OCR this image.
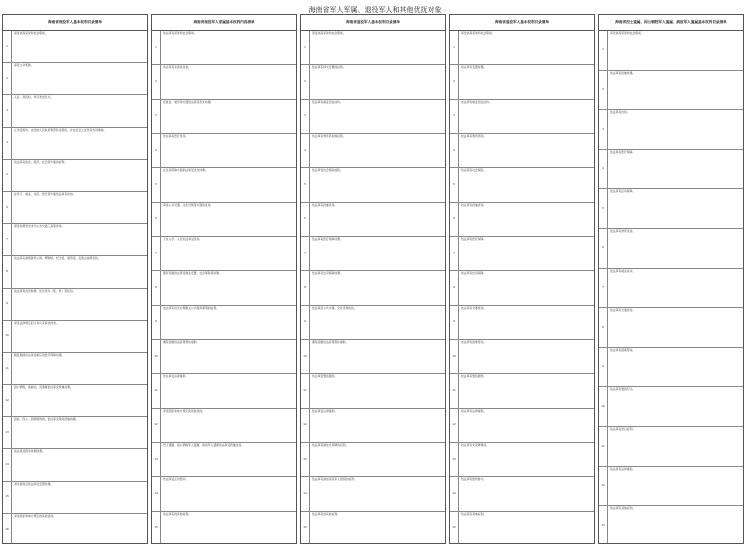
海南省军人军属、退役军人和其他优抚对象
海南省现役军人基本权利目录清单
1
享受崇高荣誉和社会尊崇。
2
享受立功奖励。
3
入伍、退役时，举行欢送仪式。
4
立功受奖时，由当地人民政府和部队送喜报，并在社会上宣传其先进事迹。
5
依法享有政治、经济、社会等方面的权利。
6
在学习、就业、住房、医疗等方面依法享有优待。
7
享受免费乘坐市内公共交通工具等优待。
8
依法享有参观游览公园、博物馆、纪念馆、展览馆、名胜古迹等优待。
9
依法享有优先购票、优先乘车（船、机）等优待。
10
享受法律规定的义务兵家庭优待金。
11
服役期间依法享受相应的医疗保障待遇。
12
因公牺牲、病故的，其遗属依法享受抚恤待遇。
13
因战、因公、因病致残的，依法享受残疾抚恤待遇。
14
依法享受探亲休假待遇。
15
退出现役后依法享受安置待遇。
16
享受国家和地方规定的其他优待。
海南省现役军人家属基本权利内容清单
1
依法享有荣誉和社会尊崇。
2
依法享有家庭优待金。
3
在就业、就学等方面依法享受优先待遇。
4
依法享有医疗优待。
5
在住房保障方面依法享受优先待遇。
6
享受公共交通、文化设施等方面的优待。
7
子女入学、入托依法享受优待。
8
随军家属依法享受就业安置、社会保险等待遇。
9
依法享有优先办理相关公共服务事项的权利。
10
遇有困难依法获得帮扶援助。
11
依法享受法律援助。
12
享受国家和地方规定的其他优待。
13
烈士遗属、因公牺牲军人遗属、病故军人遗属依法享受抚恤优待。
14
依法享受走访慰问。
15
依法享有的其他权利。
海南省退役军人基本权利目录清单
1
享受崇高荣誉和社会尊崇。
2
依法享有移交安置的权利。
3
依法享有就业创业扶持。
4
依法享有教育培训的权利。
5
依法享受社会保险接续。
6
依法享有抚恤优待。
7
依法享有医疗保障待遇。
8
依法享有住房保障待遇。
9
依法享受公共交通、文化设施优待。
10
遇有困难依法获得帮扶援助。
11
依法享受褒扬激励。
12
依法享受法律援助。
13
依法享有悬挂光荣牌的权利。
14
依法享有参加退役军人组织的权利。
15
依法享有的其他权利。
海南省退役军人基本权利目录清单
1
享受崇高荣誉和社会尊崇。
2
依法享有安置待遇。
3
依法享有就业创业扶持。
4
依法享有教育培训。
5
依法享有社会保险。
6
依法享有抚恤优待。
7
依法享有医疗保障。
8
依法享有住房保障。
9
依法享有交通优待。
10
依法享有困难帮扶。
11
依法享有褒扬激励。
12
依法享有法律援助。
13
依法享有光荣牌悬挂。
14
依法享有组织参与。
15
依法享有其他权利。
海南省烈士遗属、因公牺牲军人遗属、病故军人遗属基本权利目录清单
1
享受崇高荣誉和社会尊崇。
2
依法享有抚恤待遇。
3
依法享有优待。
4
依法享有医疗保障。
5
依法享有住房保障。
6
依法享有教育优待。
7
依法享有就业扶持。
8
依法享有交通优待。
9
依法享有困难帮扶。
10
依法享有褒扬纪念。
11
依法享有祭扫权利。
12
依法享有法律援助。
13
依法享有其他权利。
